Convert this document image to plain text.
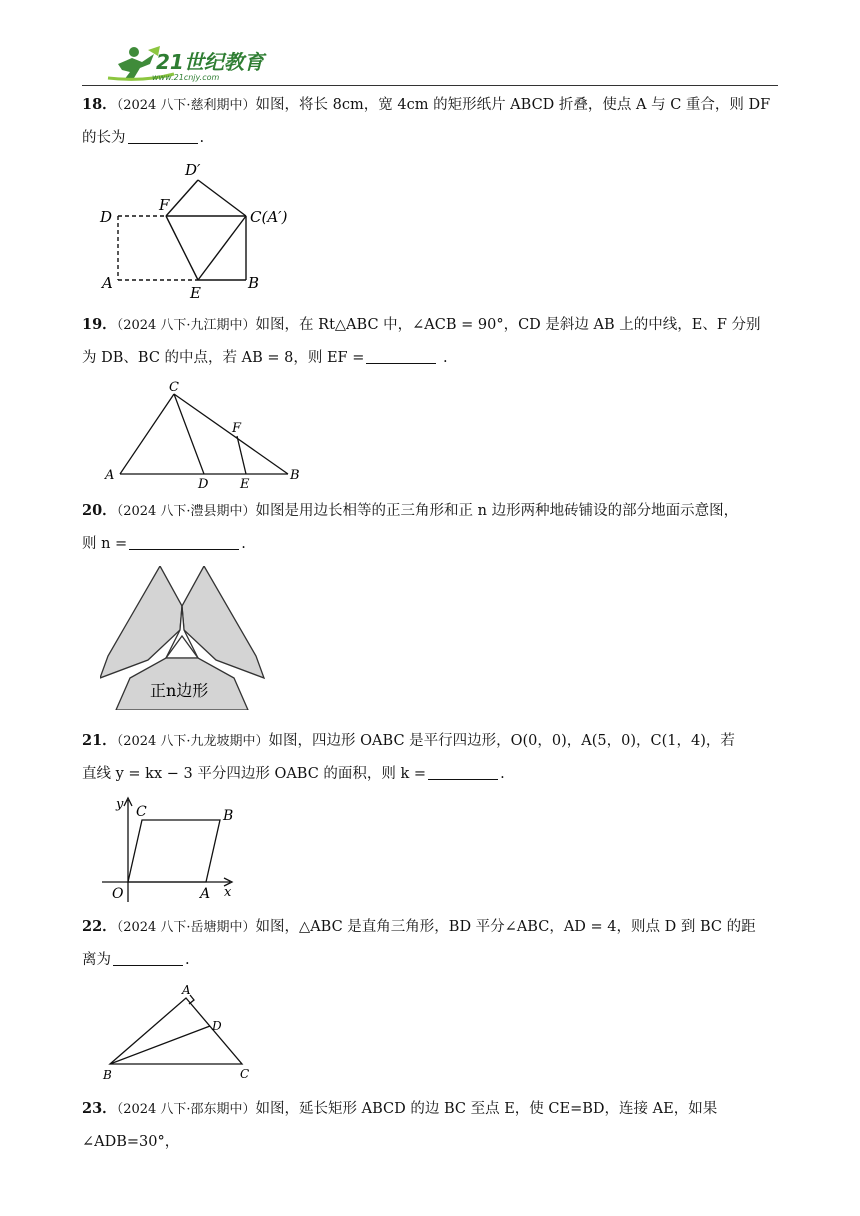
21世纪教育
www.21cnjy.com
18．（2024 八下·慈利期中）如图，将长 8cm，宽 4cm 的矩形纸片 ABCD 折叠，使点 A 与 C 重合，则 DF
的长为	.
D′
F
D	C(A′)
A
E
B
19．（2024 八下·九江期中）如图，在 Rt△ABC 中，∠ACB = 90°，CD 是斜边 AB 上的中线，E、F 分别
为 DB、BC 的中点，若 AB = 8，则 EF =	.
C
F
A
D E
B
20．（2024 八下·澧县期中）如图是用边长相等的正三角形和正 n 边形两种地砖铺设的部分地面示意图，
则 n =	.
正n边形
21．（2024 八下·九龙坡期中）如图，四边形 OABC 是平行四边形，O(0，0)，A(5，0)，C(1，4)，若
直线 y = kx − 3 平分四边形 OABC 的面积，则 k =	.
y C	B
O	A x
22．（2024 八下·岳塘期中）如图，△ABC 是直角三角形，BD 平分∠ABC，AD = 4，则点 D 到 BC 的距
离为	.
A
D
B	C
23．（2024 八下·邵东期中）如图，延长矩形 ABCD 的边 BC 至点 E，使 CE=BD，连接 AE，如果∠ADB=30°，
